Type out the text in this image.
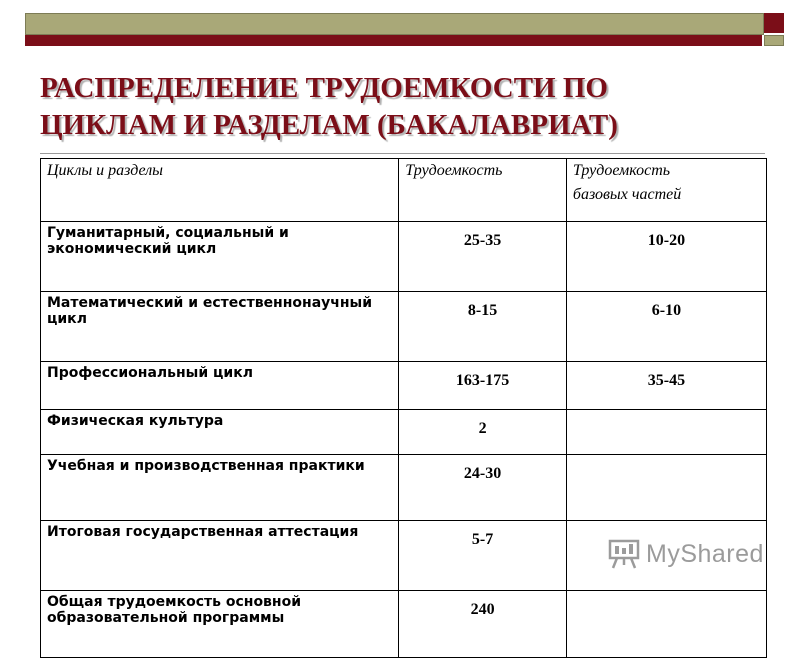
РАСПРЕДЕЛЕНИЕ ТРУДОЕМКОСТИ ПО
ЦИКЛАМ И РАЗДЕЛАМ (БАКАЛАВРИАТ)
Циклы и разделы	Трудоемкость	Трудоемкость
базовых частей
Гуманитарный, социальный и экономический цикл	25-35	10-20
Математический и естественнонаучный цикл	8-15	6-10
Профессиональный цикл	163-175	35-45
Физическая культура	2	
Учебная и производственная практики	24-30	
Итоговая государственная аттестация	5-7	
Общая трудоемкость основной образовательной программы	240	
MyShared
